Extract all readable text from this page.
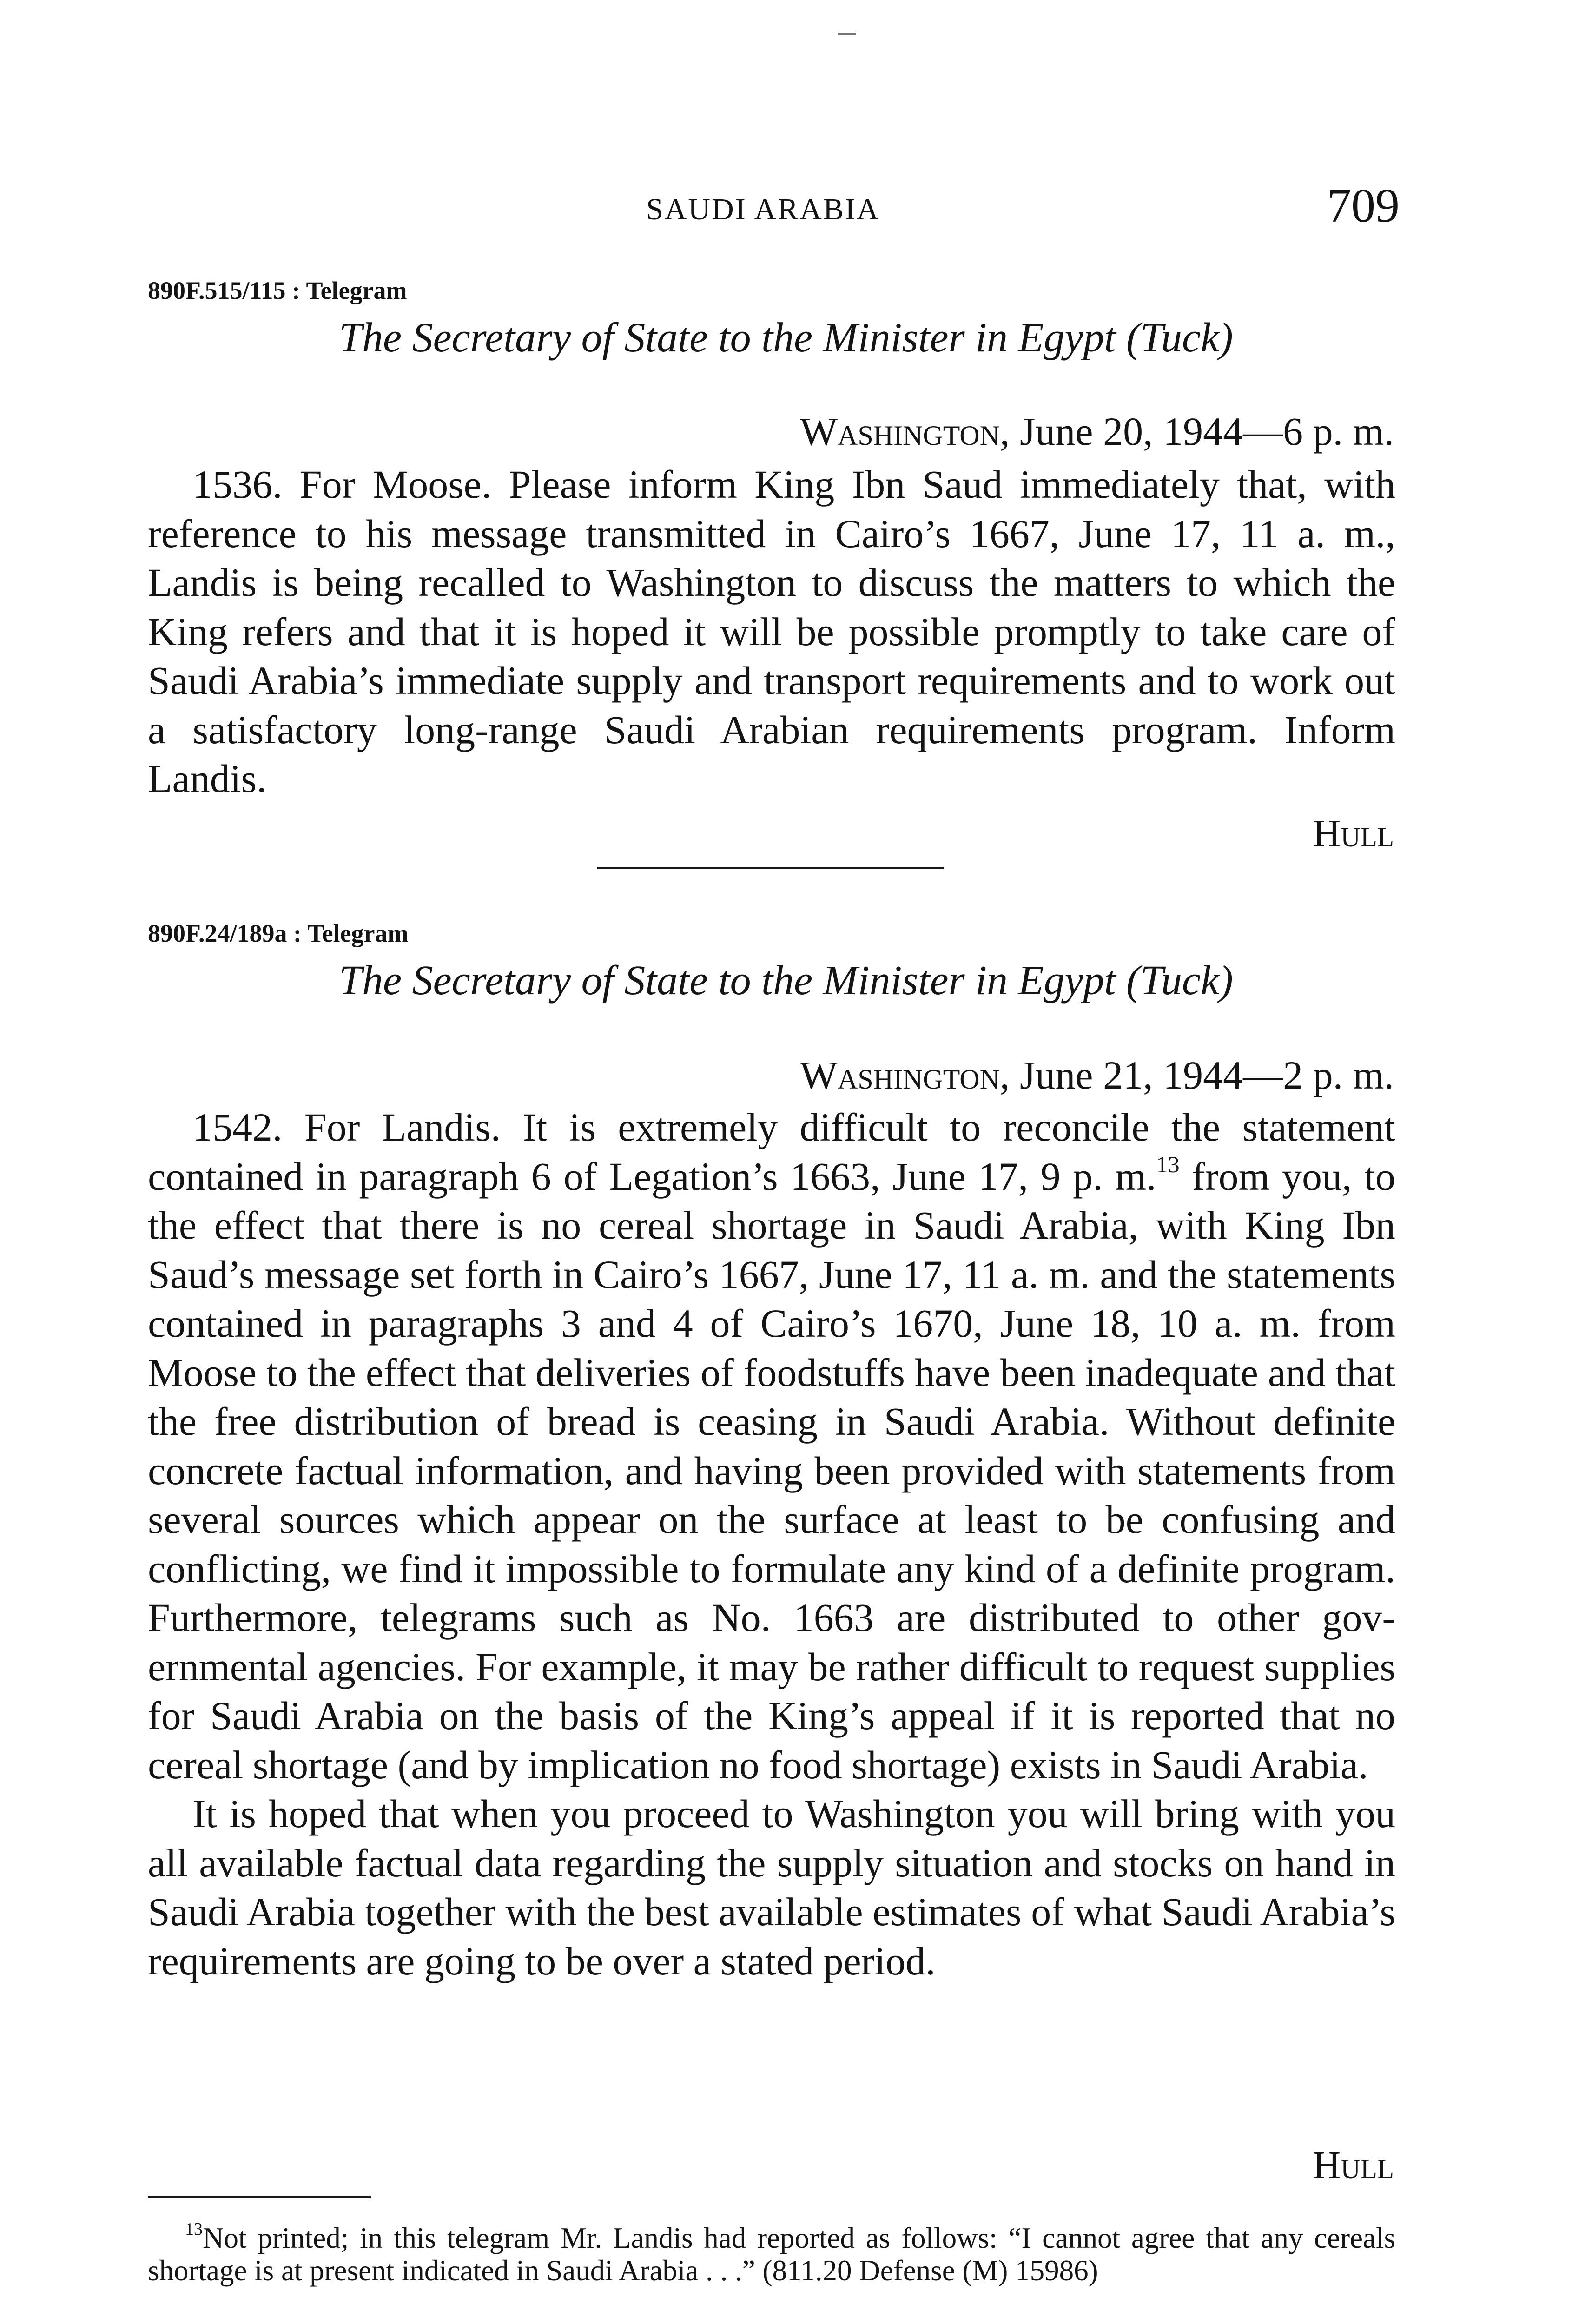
SAUDI ARABIA	709
890F.515/115 : Telegram
The Secretary of State to the Minister in Egypt (Tuck)
Washington, June 20, 1944—6 p. m.

1536. For Moose. Please inform King Ibn Saud immediately that, with reference to his message transmitted in Cairo’s 1667, June 17, 11 a. m., Landis is being recalled to Washington to discuss the matters to which the King refers and that it is hoped it will be possible promptly to take care of Saudi Arabia’s immediate supply and transport requirements and to work out a satisfactory long-range Saudi Arabian requirements program. Inform Landis.

Hull
890F.24/189a : Telegram
The Secretary of State to the Minister in Egypt (Tuck)
Washington, June 21, 1944—2 p. m.

1542. For Landis. It is extremely difficult to reconcile the statement contained in paragraph 6 of Legation’s 1663, June 17, 9 p. m.$^{13}$ from you, to the effect that there is no cereal shortage in Saudi Arabia, with King Ibn Saud’s message set forth in Cairo’s 1667, June 17, 11 a. m. and the statements contained in paragraphs 3 and 4 of Cairo’s 1670, June 18, 10 a. m. from Moose to the effect that deliveries of foodstuffs have been inadequate and that the free distribution of bread is ceasing in Saudi Arabia. Without definite concrete factual information, and having been provided with statements from several sources which appear on the surface at least to be confusing and conflicting, we find it impossible to formulate any kind of a definite program. Furthermore, telegrams such as No. 1663 are distributed to other governmental agencies. For example, it may be rather difficult to request supplies for Saudi Arabia on the basis of the King’s appeal if it is reported that no cereal shortage (and by implication no food shortage) exists in Saudi Arabia.

It is hoped that when you proceed to Washington you will bring with you all available factual data regarding the supply situation and stocks on hand in Saudi Arabia together with the best available estimates of what Saudi Arabia’s requirements are going to be over a stated period.

Hull

$^{13}$Not printed; in this telegram Mr. Landis had reported as follows: “I cannot agree that any cereals shortage is at present indicated in Saudi Arabia . . .” (811.20 Defense (M) 15986)
